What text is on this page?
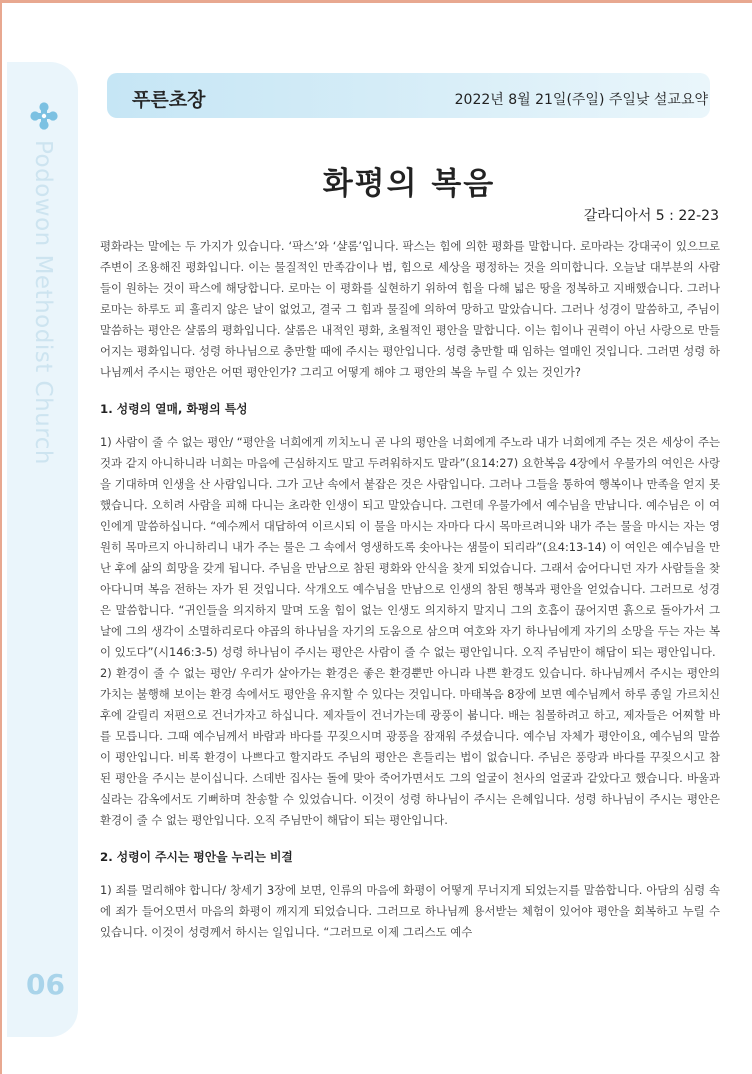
Podowon Methodist Church
06
푸른초장	2022년 8월 21일(주일) 주일낮 설교요약
화평의 복음
갈라디아서 5 : 22-23

평화라는 말에는 두 가지가 있습니다. ‘팍스’와 ‘샬롬’입니다. 팍스는 힘에 의한 평화를 말합니다. 로마라는 강대국이 있으므로 주변이 조용해진 평화입니다. 이는 물질적인 만족감이나 법, 힘으로 세상을 평정하는 것을 의미합니다. 오늘날 대부분의 사람들이 원하는 것이 팍스에 해당합니다. 로마는 이 평화를 실현하기 위하여 힘을 다해 넓은 땅을 정복하고 지배했습니다. 그러나 로마는 하루도 피 흘리지 않은 날이 없었고, 결국 그 힘과 물질에 의하여 망하고 말았습니다. 그러나 성경이 말씀하고, 주님이 말씀하는 평안은 샬롬의 평화입니다. 샬롬은 내적인 평화, 초월적인 평안을 말합니다. 이는 힘이나 권력이 아닌 사랑으로 만들어지는 평화입니다. 성령 하나님으로 충만할 때에 주시는 평안입니다. 성령 충만할 때 임하는 열매인 것입니다. 그러면 성령 하나님께서 주시는 평안은 어떤 평안인가? 그리고 어떻게 해야 그 평안의 복을 누릴 수 있는 것인가?

1. 성령의 열매, 화평의 특성

1) 사람이 줄 수 없는 평안/ “평안을 너희에게 끼치노니 곧 나의 평안을 너희에게 주노라 내가 너희에게 주는 것은 세상이 주는 것과 같지 아니하니라 너희는 마음에 근심하지도 말고 두려워하지도 말라”(요14:27) 요한복음 4장에서 우물가의 여인은 사랑을 기대하며 인생을 산 사람입니다. 그가 고난 속에서 붙잡은 것은 사람입니다. 그러나 그들을 통하여 행복이나 만족을 얻지 못했습니다. 오히려 사람을 피해 다니는 초라한 인생이 되고 말았습니다. 그런데 우물가에서 예수님을 만납니다. 예수님은 이 여인에게 말씀하십니다. “예수께서 대답하여 이르시되 이 물을 마시는 자마다 다시 목마르려니와 내가 주는 물을 마시는 자는 영원히 목마르지 아니하리니 내가 주는 물은 그 속에서 영생하도록 솟아나는 샘물이 되리라”(요4:13-14) 이 여인은 예수님을 만난 후에 삶의 희망을 갖게 됩니다. 주님을 만남으로 참된 평화와 안식을 찾게 되었습니다. 그래서 숨어다니던 자가 사람들을 찾아다니며 복음 전하는 자가 된 것입니다. 삭개오도 예수님을 만남으로 인생의 참된 행복과 평안을 얻었습니다. 그러므로 성경은 말씀합니다. “귀인들을 의지하지 말며 도울 힘이 없는 인생도 의지하지 말지니 그의 호흡이 끊어지면 흙으로 돌아가서 그 날에 그의 생각이 소멸하리로다 야곱의 하나님을 자기의 도움으로 삼으며 여호와 자기 하나님에게 자기의 소망을 두는 자는 복이 있도다”(시146:3-5) 성령 하나님이 주시는 평안은 사람이 줄 수 없는 평안입니다. 오직 주님만이 해답이 되는 평안입니다.

2) 환경이 줄 수 없는 평안/ 우리가 살아가는 환경은 좋은 환경뿐만 아니라 나쁜 환경도 있습니다. 하나님께서 주시는 평안의 가치는 불행해 보이는 환경 속에서도 평안을 유지할 수 있다는 것입니다. 마태복음 8장에 보면 예수님께서 하루 종일 가르치신 후에 갈릴리 저편으로 건너가자고 하십니다. 제자들이 건너가는데 광풍이 붑니다. 배는 침몰하려고 하고, 제자들은 어찌할 바를 모릅니다. 그때 예수님께서 바람과 바다를 꾸짖으시며 광풍을 잠재워 주셨습니다. 예수님 자체가 평안이요, 예수님의 말씀이 평안입니다. 비록 환경이 나쁘다고 할지라도 주님의 평안은 흔들리는 법이 없습니다. 주님은 풍랑과 바다를 꾸짖으시고 참된 평안을 주시는 분이십니다. 스데반 집사는 돌에 맞아 죽어가면서도 그의 얼굴이 천사의 얼굴과 같았다고 했습니다. 바울과 실라는 감옥에서도 기뻐하며 찬송할 수 있었습니다. 이것이 성령 하나님이 주시는 은혜입니다. 성령 하나님이 주시는 평안은 환경이 줄 수 없는 평안입니다. 오직 주님만이 해답이 되는 평안입니다.

2. 성령이 주시는 평안을 누리는 비결

1) 죄를 멀리해야 합니다/ 창세기 3장에 보면, 인류의 마음에 화평이 어떻게 무너지게 되었는지를 말씀합니다. 아담의 심령 속에 죄가 들어오면서 마음의 화평이 깨지게 되었습니다. 그러므로 하나님께 용서받는 체험이 있어야 평안을 회복하고 누릴 수 있습니다. 이것이 성령께서 하시는 일입니다. “그러므로 이제 그리스도 예수
